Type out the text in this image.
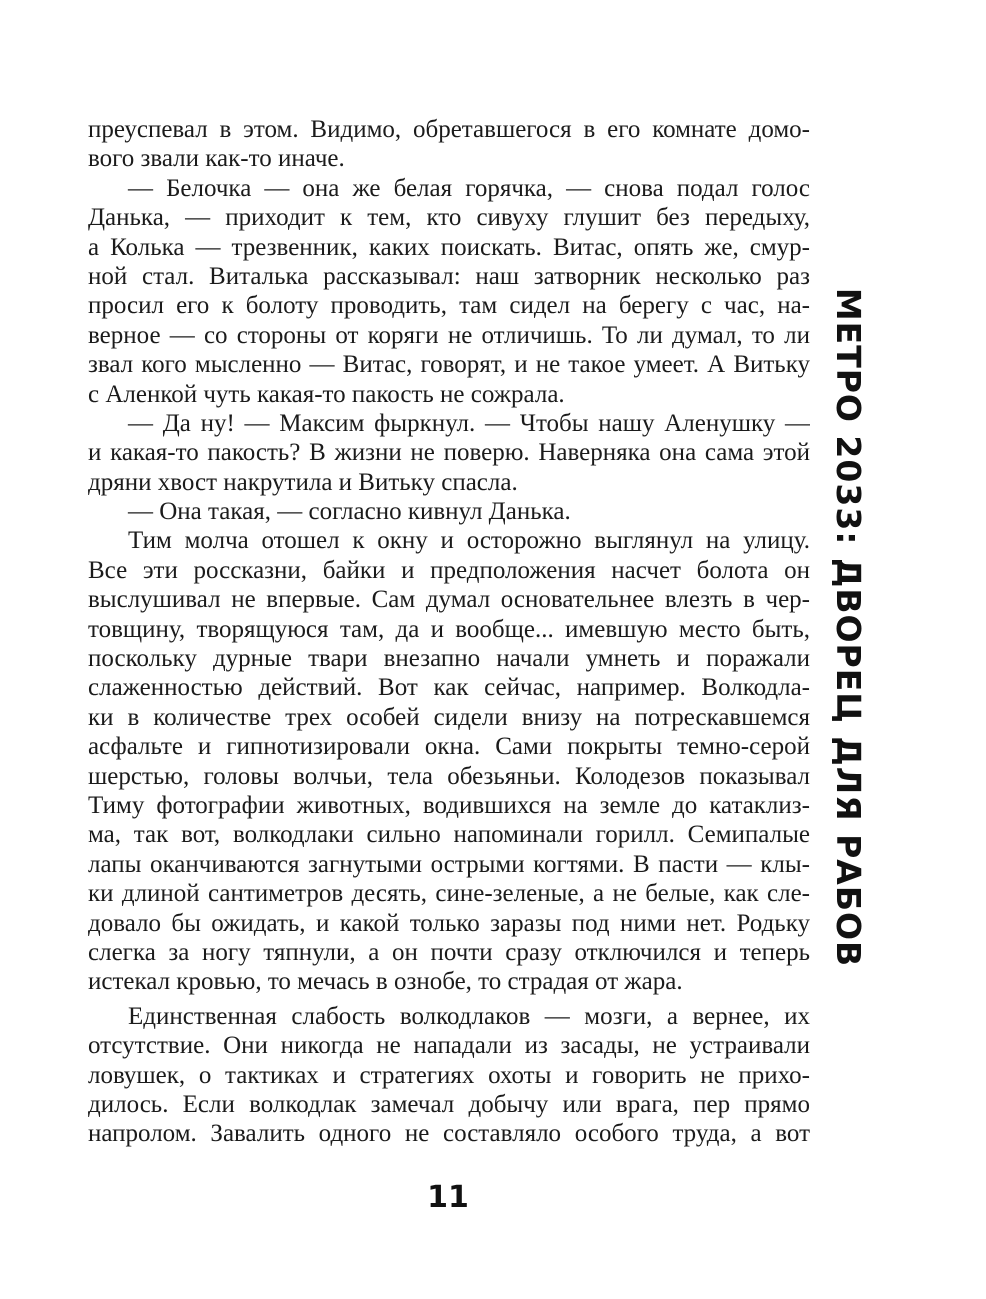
преуспевал в этом. Видимо, обретавшегося в его комнате домо-
вого звали как-то иначе.
— Белочка — она же белая горячка, — снова подал голос
Данька, — приходит к тем, кто сивуху глушит без передыху,
а Колька — трезвенник, каких поискать. Витас, опять же, смур-
ной стал. Виталька рассказывал: наш затворник несколько раз
просил его к болоту проводить, там сидел на берегу с час, на-
верное — со стороны от коряги не отличишь. То ли думал, то ли
звал кого мысленно — Витас, говорят, и не такое умеет. А Витьку
с Аленкой чуть какая-то пакость не сожрала.
— Да ну! — Максим фыркнул. — Чтобы нашу Аленушку —
и какая-то пакость? В жизни не поверю. Наверняка она сама этой
дряни хвост накрутила и Витьку спасла.
— Она такая, — согласно кивнул Данька.
Тим молча отошел к окну и осторожно выглянул на улицу.
Все эти россказни, байки и предположения насчет болота он
выслушивал не впервые. Сам думал основательнее влезть в чер-
товщину, творящуюся там, да и вообще... имевшую место быть,
поскольку дурные твари внезапно начали умнеть и поражали
слаженностью действий. Вот как сейчас, например. Волкодла-
ки в количестве трех особей сидели внизу на потрескавшемся
асфальте и гипнотизировали окна. Сами покрыты темно-серой
шерстью, головы волчьи, тела обезьяньи. Колодезов показывал
Тиму фотографии животных, водившихся на земле до катаклиз-
ма, так вот, волкодлаки сильно напоминали горилл. Семипалые
лапы оканчиваются загнутыми острыми когтями. В пасти — клы-
ки длиной сантиметров десять, сине-зеленые, а не белые, как сле-
довало бы ожидать, и какой только заразы под ними нет. Родьку
слегка за ногу тяпнули, а он почти сразу отключился и теперь
истекал кровью, то мечась в ознобе, то страдая от жара.
Единственная слабость волкодлаков — мозги, а вернее, их
отсутствие. Они никогда не нападали из засады, не устраивали
ловушек, о тактиках и стратегиях охоты и говорить не прихо-
дилось. Если волкодлак замечал добычу или врага, пер прямо
напролом. Завалить одного не составляло особого труда, а вот
МЕТРО 2033: ДВОРЕЦ ДЛЯ РАБОВ
11
